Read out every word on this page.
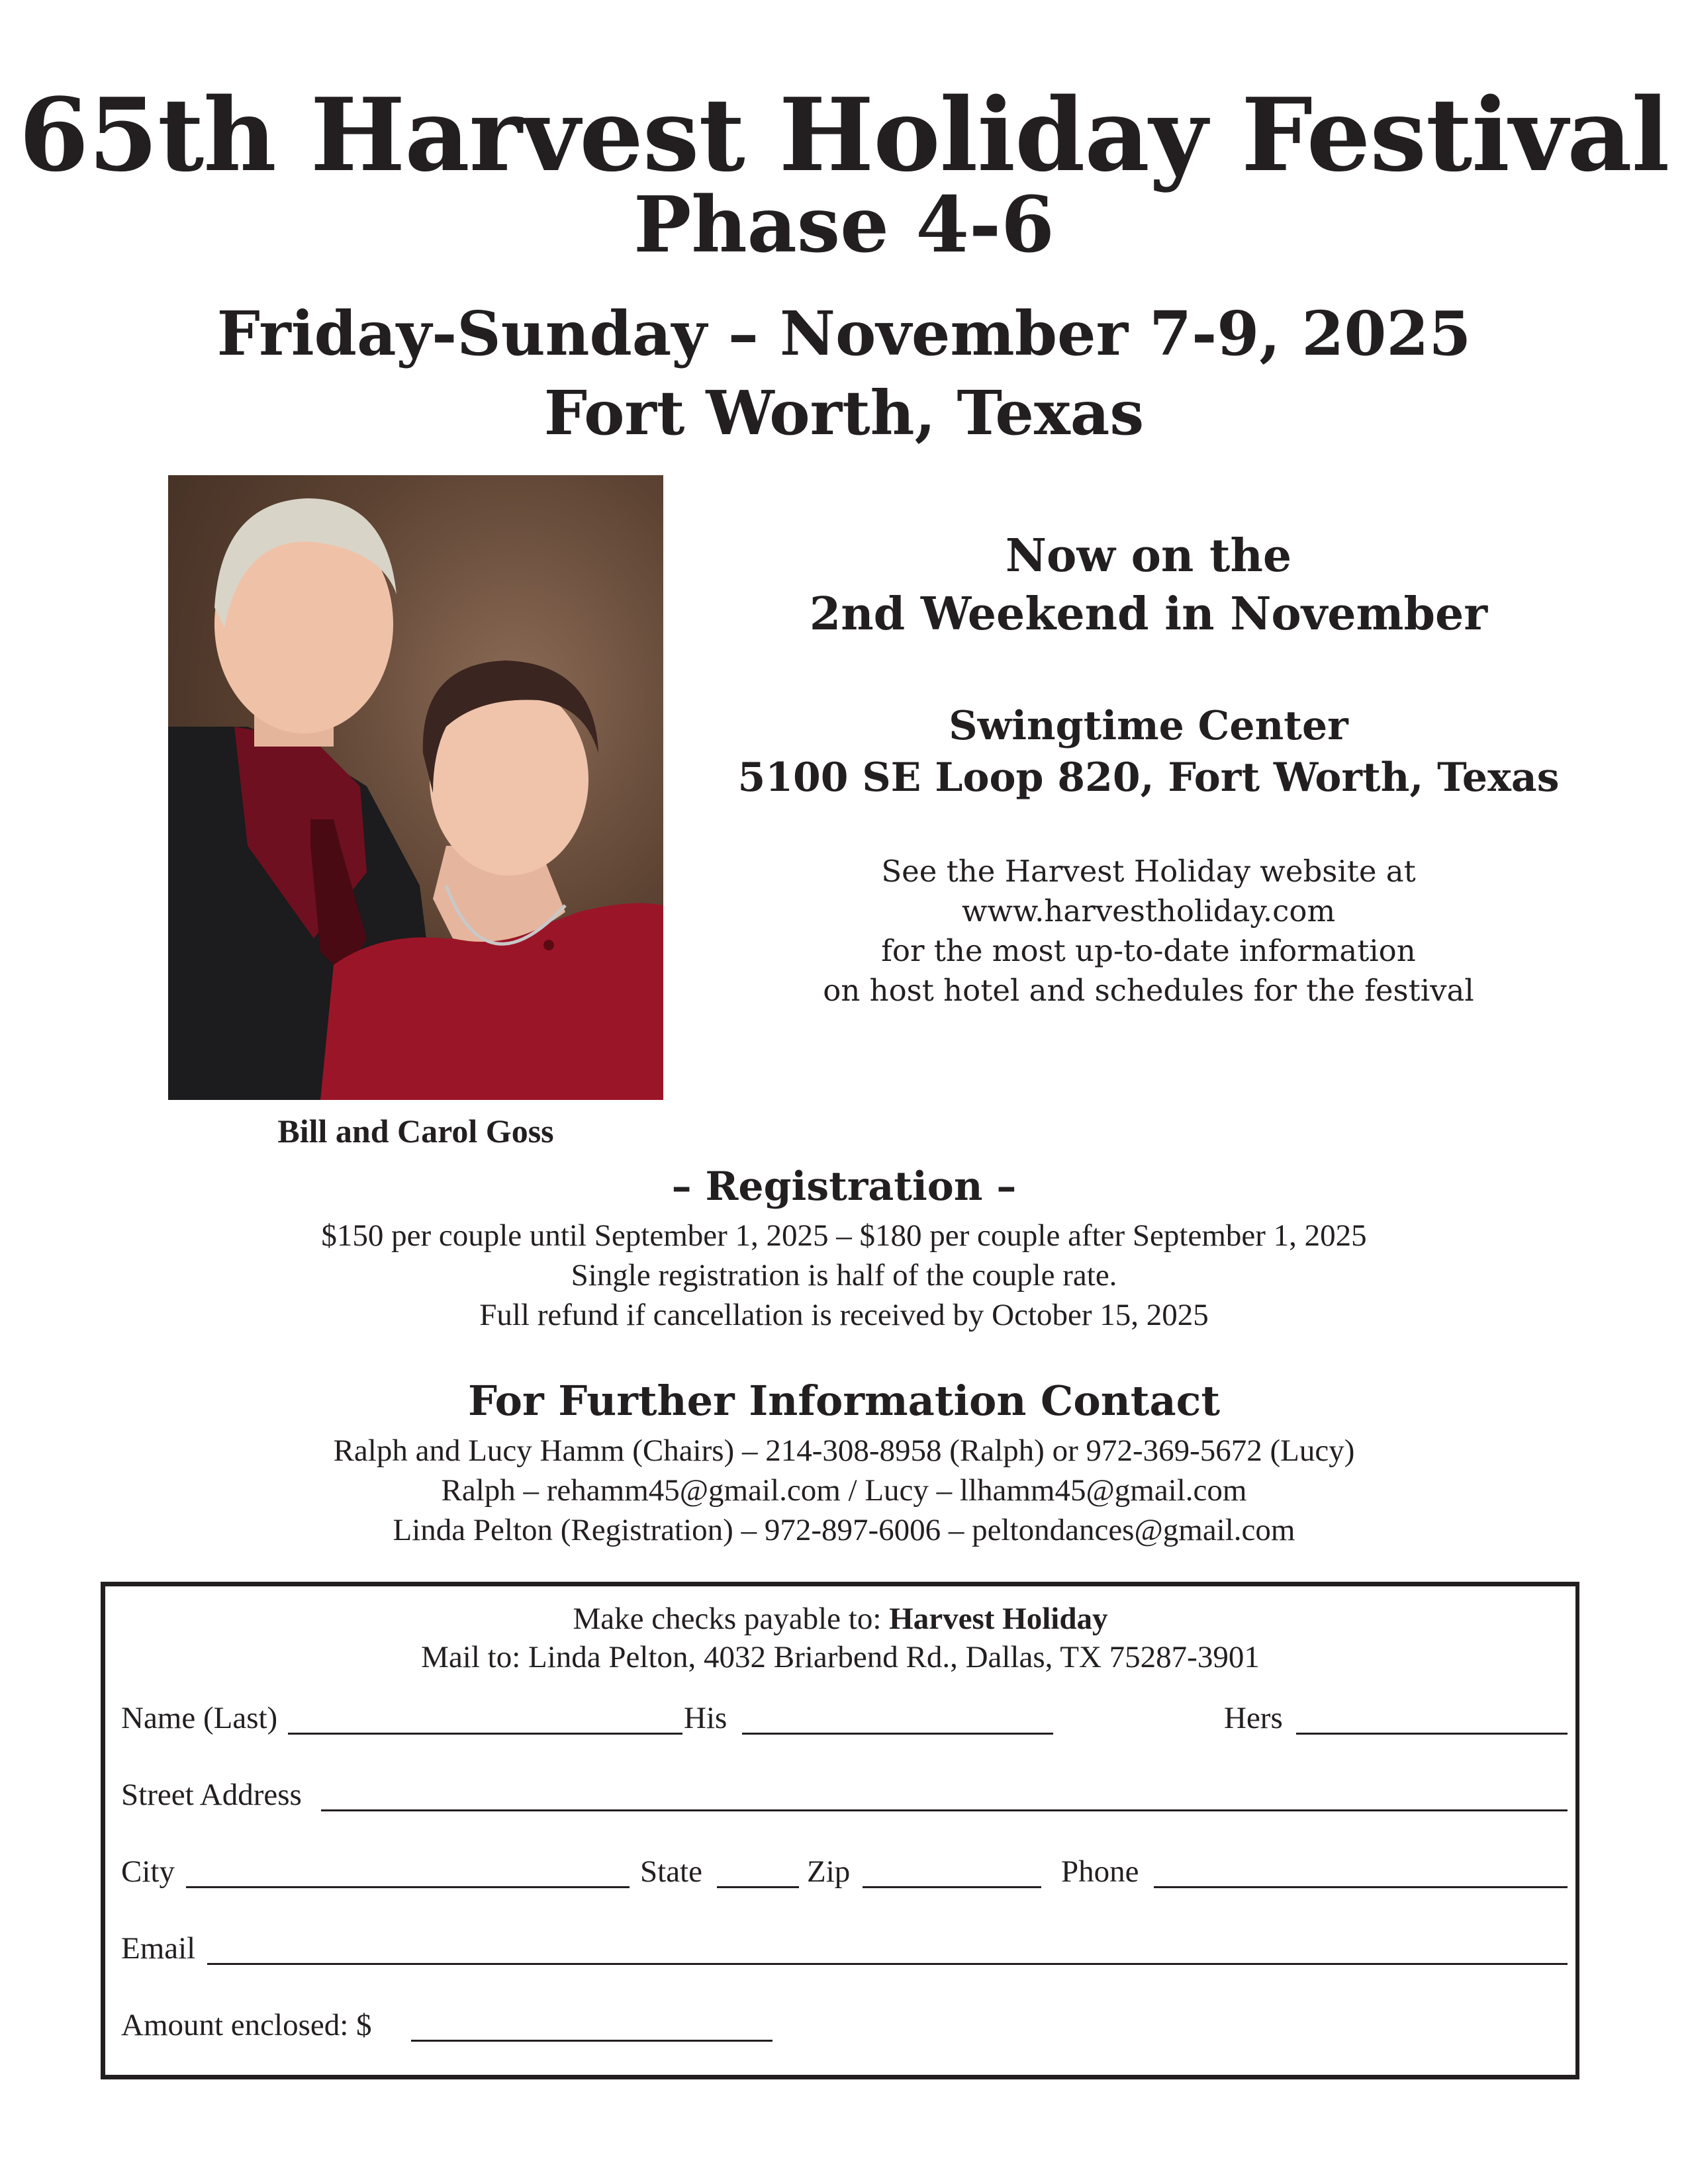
65th Harvest Holiday Festival
Phase 4-6
Friday-Sunday – November 7-9, 2025
Fort Worth, Texas
Bill and Carol Goss
Now on the
2nd Weekend in November
Swingtime Center
5100 SE Loop 820, Fort Worth, Texas
See the Harvest Holiday website at
www.harvestholiday.com
for the most up-to-date information
on host hotel and schedules for the festival
– Registration –
$150 per couple until September 1, 2025 – $180 per couple after September 1, 2025
Single registration is half of the couple rate.
Full refund if cancellation is received by October 15, 2025
For Further Information Contact
Ralph and Lucy Hamm (Chairs) – 214-308-8958 (Ralph) or 972-369-5672 (Lucy)
Ralph – rehamm45@gmail.com / Lucy – llhamm45@gmail.com
Linda Pelton (Registration) – 972-897-6006 – peltondances@gmail.com
Make checks payable to: Harvest Holiday
Mail to: Linda Pelton, 4032 Briarbend Rd., Dallas, TX 75287-3901
Name (Last)	His	Hers
Street Address
City	State	Zip	Phone
Email
Amount enclosed: $
